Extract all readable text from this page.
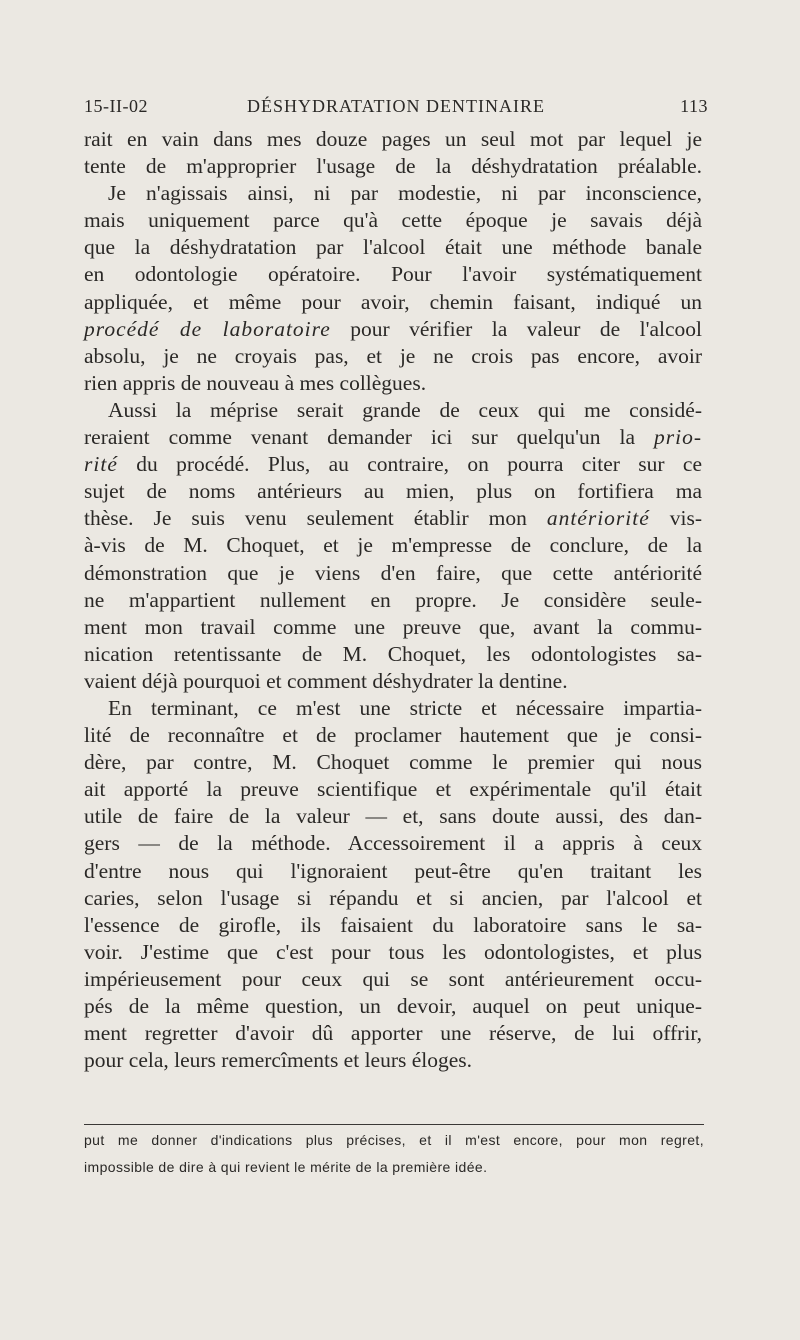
15-II-02	DÉSHYDRATATION DENTINAIRE	113
rait en vain dans mes douze pages un seul mot par lequel je
tente de m'approprier l'usage de la déshydratation préalable.
Je n'agissais ainsi, ni par modestie, ni par inconscience,
mais uniquement parce qu'à cette époque je savais déjà
que la déshydratation par l'alcool était une méthode banale
en odontologie opératoire. Pour l'avoir systématiquement
appliquée, et même pour avoir, chemin faisant, indiqué un
procédé de laboratoire pour vérifier la valeur de l'alcool
absolu, je ne croyais pas, et je ne crois pas encore, avoir
rien appris de nouveau à mes collègues.
Aussi la méprise serait grande de ceux qui me considé-
reraient comme venant demander ici sur quelqu'un la prio-
rité du procédé. Plus, au contraire, on pourra citer sur ce
sujet de noms antérieurs au mien, plus on fortifiera ma
thèse. Je suis venu seulement établir mon antériorité vis-
à-vis de M. Choquet, et je m'empresse de conclure, de la
démonstration que je viens d'en faire, que cette antériorité
ne m'appartient nullement en propre. Je considère seule-
ment mon travail comme une preuve que, avant la commu-
nication retentissante de M. Choquet, les odontologistes sa-
vaient déjà pourquoi et comment déshydrater la dentine.
En terminant, ce m'est une stricte et nécessaire impartia-
lité de reconnaître et de proclamer hautement que je consi-
dère, par contre, M. Choquet comme le premier qui nous
ait apporté la preuve scientifique et expérimentale qu'il était
utile de faire de la valeur — et, sans doute aussi, des dan-
gers — de la méthode. Accessoirement il a appris à ceux
d'entre nous qui l'ignoraient peut-être qu'en traitant les
caries, selon l'usage si répandu et si ancien, par l'alcool et
l'essence de girofle, ils faisaient du laboratoire sans le sa-
voir. J'estime que c'est pour tous les odontologistes, et plus
impérieusement pour ceux qui se sont antérieurement occu-
pés de la même question, un devoir, auquel on peut unique-
ment regretter d'avoir dû apporter une réserve, de lui offrir,
pour cela, leurs remercîments et leurs éloges.
put me donner d'indications plus précises, et il m'est encore, pour mon regret,
impossible de dire à qui revient le mérite de la première idée.
